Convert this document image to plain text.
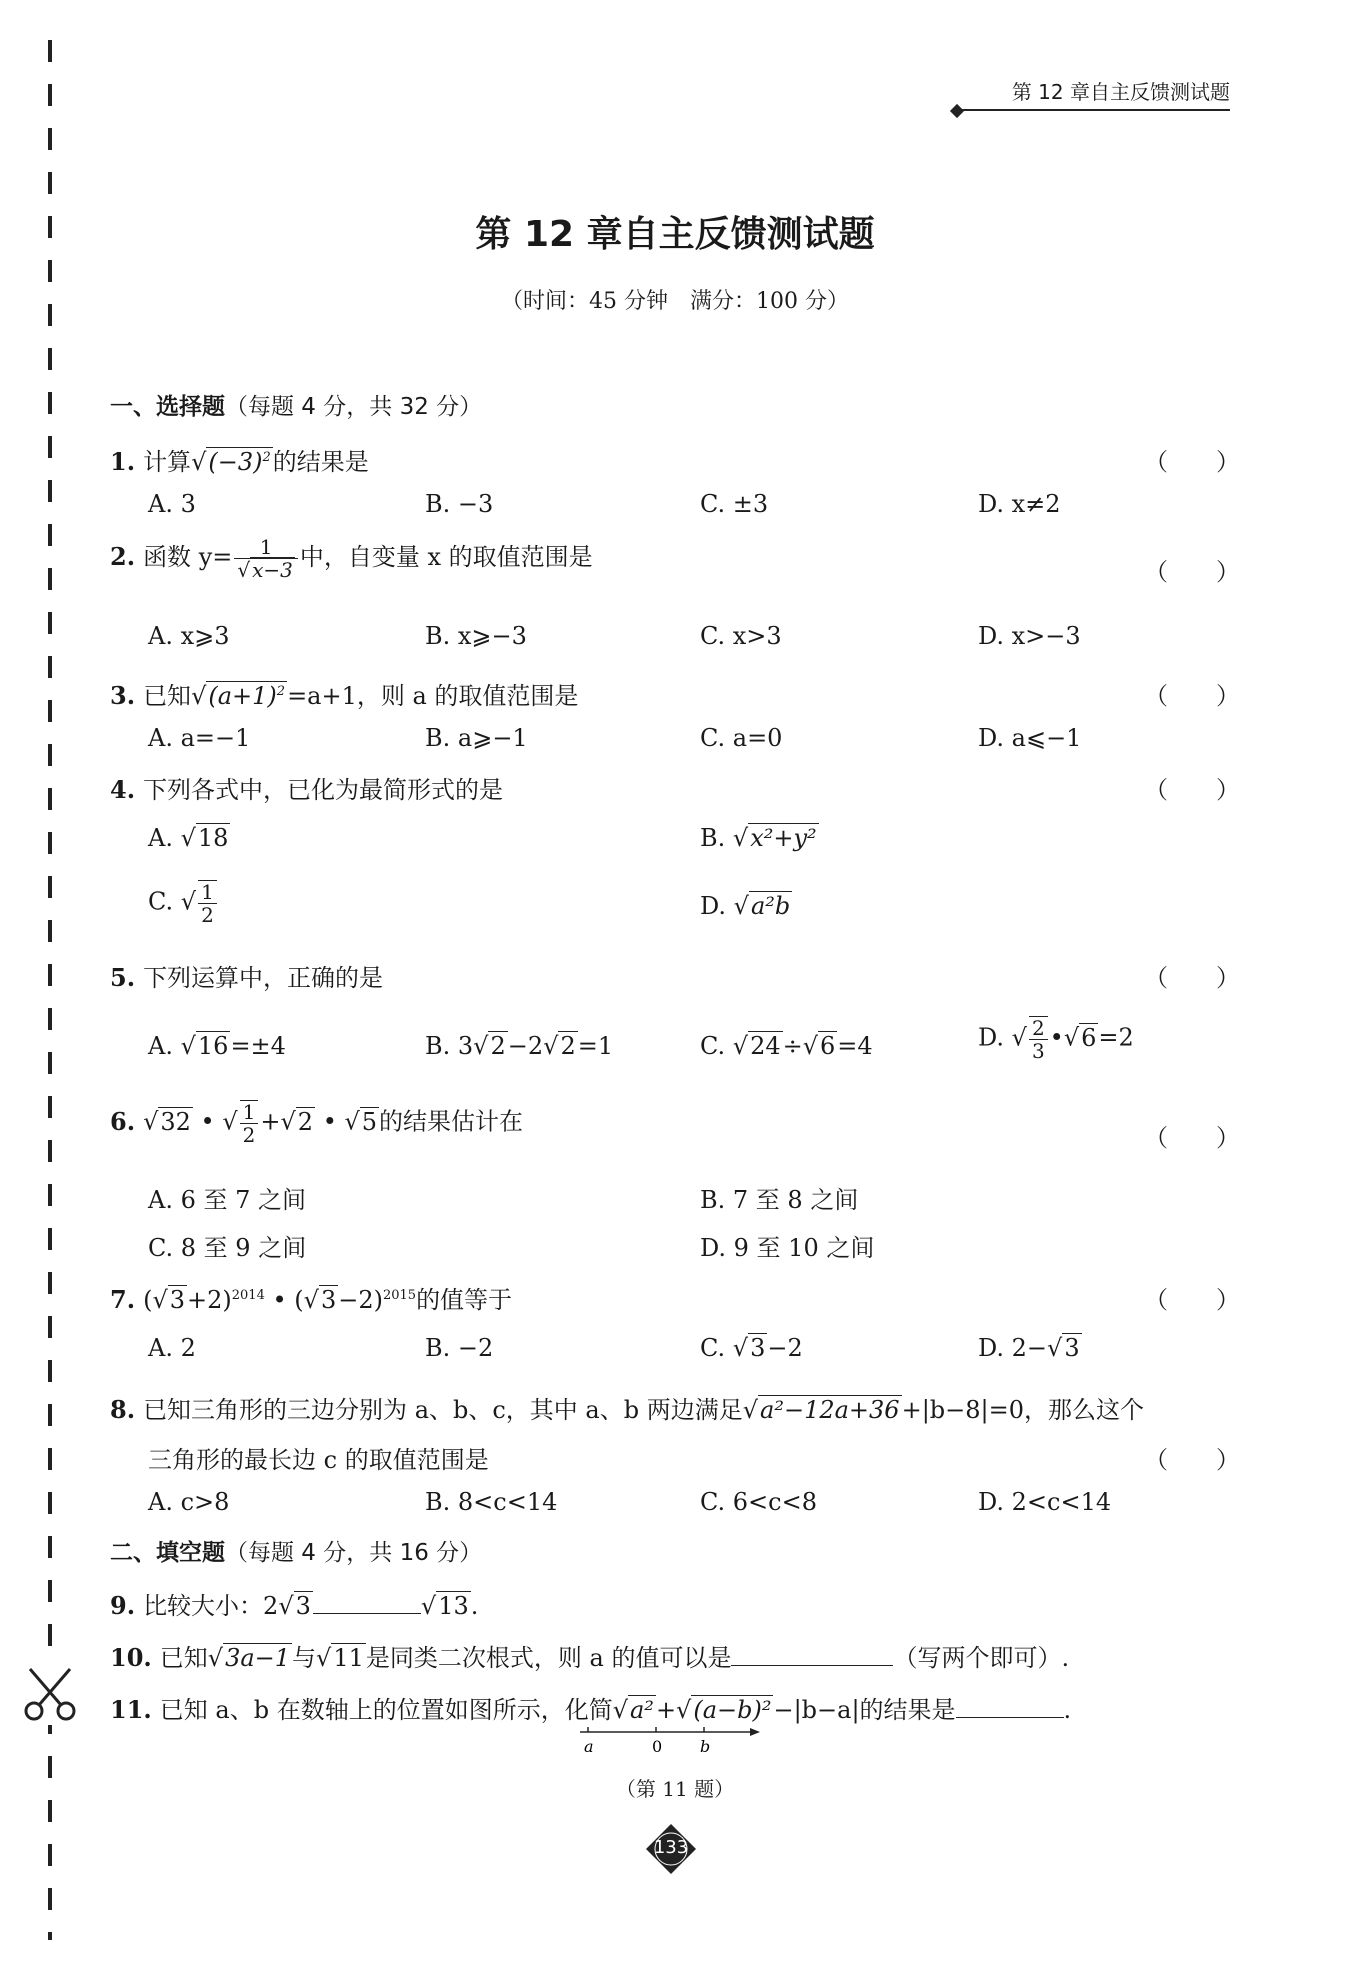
第 12 章自主反馈测试题
第 12 章自主反馈测试题
（时间：45 分钟　满分：100 分）
一、选择题（每题 4 分，共 32 分）
1. 计算$√(-3)^2$的结果是	（　　）
A. 3	B. −3	C. ±3	D. x≠2
2. 函数 $y= \frac{1}{√ x-3}$ 中，自变量 x 的取值范围是
（　　）
A. x⩾3	B. x⩾−3	C. x>3	D. x>−3
3. 已知$√(a+1)^2=a+1$，则 a 的取值范围是	（　　）
A. a=−1	B. a⩾−1	C. a=0	D. a⩽−1
4. 下列各式中，已化为最简形式的是	（　　）
A. √18	B. √x²+y²
C. √ $\frac{1}{2}$	D. √a²b
5. 下列运算中，正确的是	（　　）
A. √16=±4	B. 3√2−2√2=1	C. √24÷√6=4	D. √ $\frac{2}{3}$ •√6=2
6. √32 • √ $\frac{1}{2} +√2$ • √5的结果估计在
（　　）
A. 6 至 7 之间	B. 7 至 8 之间
C. 8 至 9 之间	D. 9 至 10 之间
7. $(√3+2)^{2014}$ • $(√3-2)^{2015}$的值等于	（　　）
A. 2	B. −2	C. √3−2	D. 2−√3
8. 已知三角形的三边分别为 a、b、c，其中 a、b 两边满足√a²−12a+36+|b−8|=0，那么这个
三角形的最长边 c 的取值范围是	（　　）
A. c>8	B. 8<c<14	C. 6<c<8	D. 2<c<14
二、填空题（每题 4 分，共 16 分）
9. 比较大小：2√3	√13.
10. 已知√3a−1与√11是同类二次根式，则 a 的值可以是	（写两个即可）.
11. 已知 a、b 在数轴上的位置如图所示，化简√a²+√(a−b)²−|b−a|的结果是	.
a	0 b
（第 11 题）
133
